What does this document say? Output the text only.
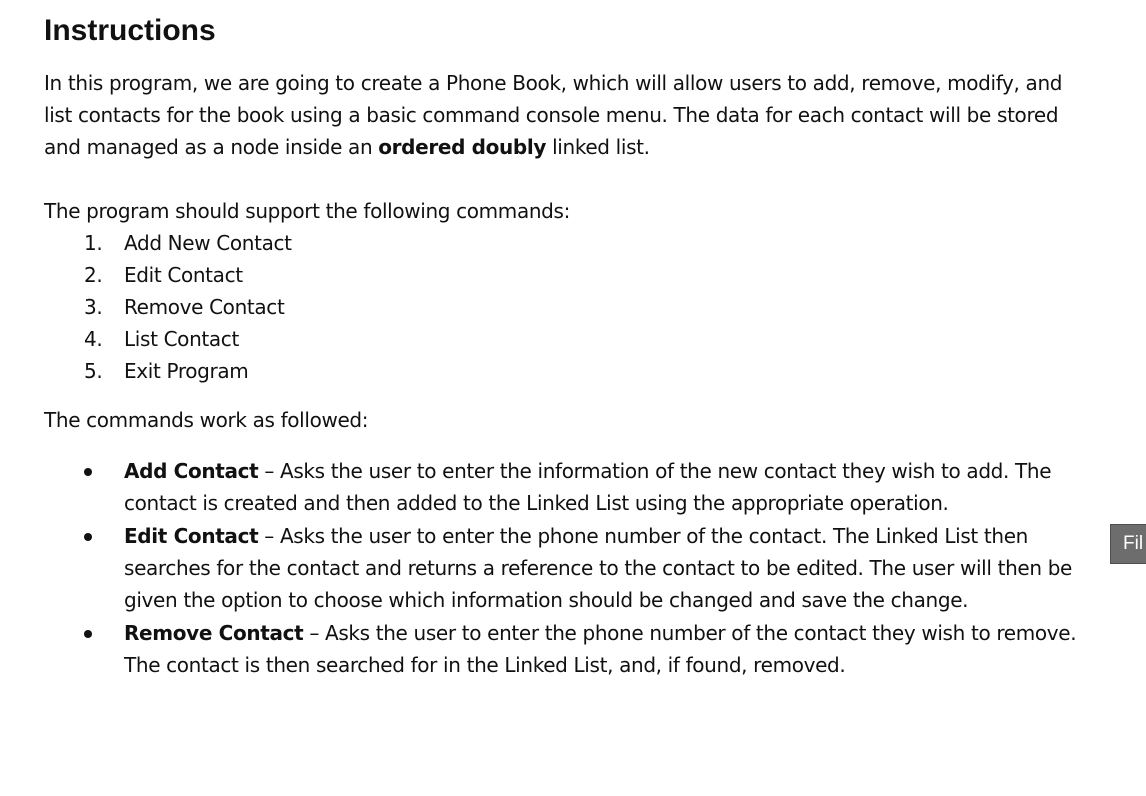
Instructions

In this program, we are going to create a Phone Book, which will allow users to add, remove, modify, and list contacts for the book using a basic command console menu. The data for each contact will be stored and managed as a node inside an ordered doubly linked list.

The program should support the following commands:

1. Add New Contact
2. Edit Contact
3. Remove Contact
4. List Contact
5. Exit Program

The commands work as followed:

Add Contact – Asks the user to enter the information of the new contact they wish to add. The contact is created and then added to the Linked List using the appropriate operation.
Edit Contact – Asks the user to enter the phone number of the contact. The Linked List then searches for the contact and returns a reference to the contact to be edited. The user will then be given the option to choose which information should be changed and save the change.
Remove Contact – Asks the user to enter the phone number of the contact they wish to remove. The contact is then searched for in the Linked List, and, if found, removed.
Fil
